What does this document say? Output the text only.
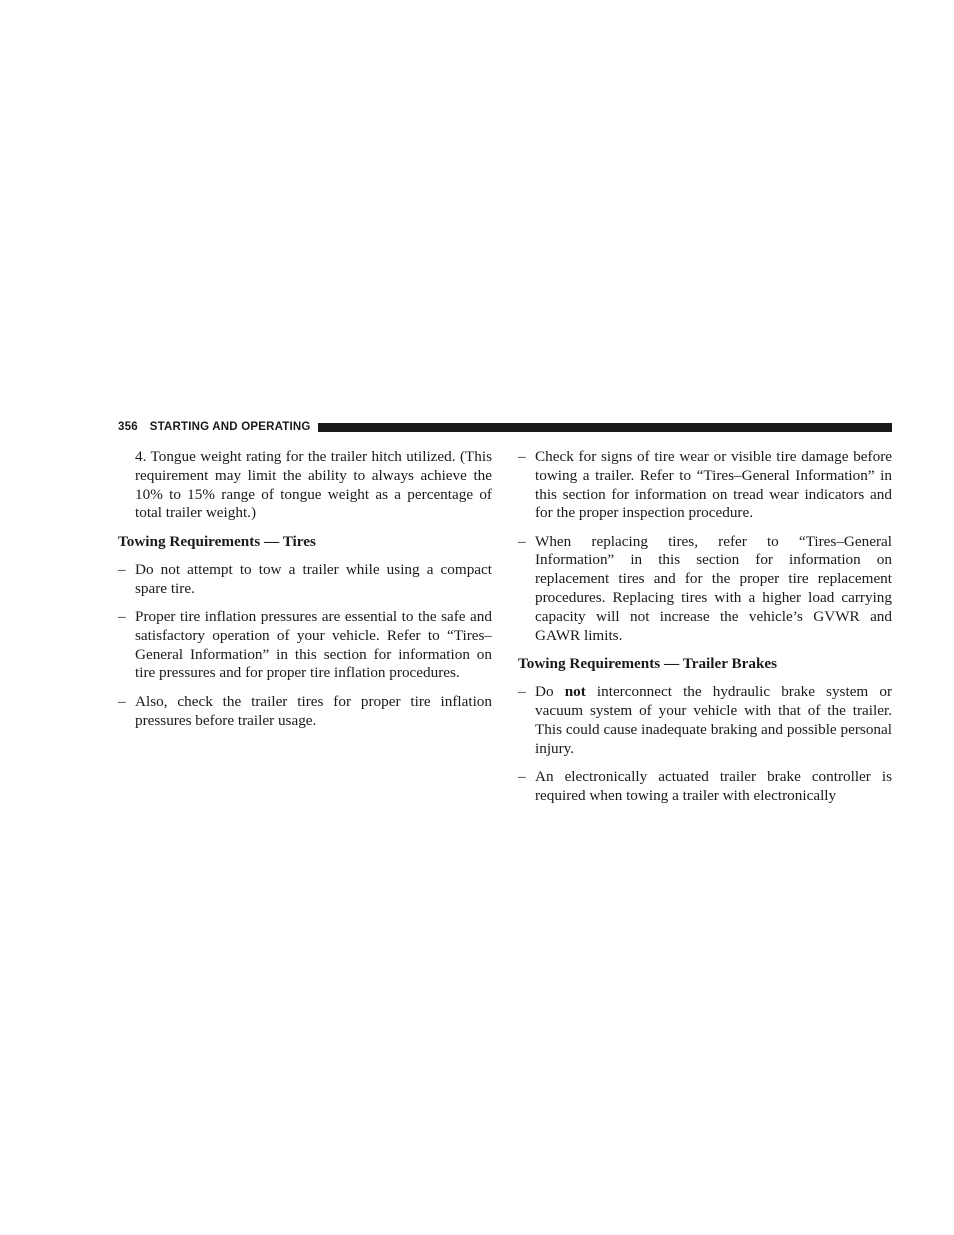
356 STARTING AND OPERATING

4. Tongue weight rating for the trailer hitch utilized. (This requirement may limit the ability to always achieve the 10% to 15% range of tongue weight as a percentage of total trailer weight.)

Towing Requirements — Tires
– Do not attempt to tow a trailer while using a compact spare tire.
– Proper tire inflation pressures are essential to the safe and satisfactory operation of your vehicle. Refer to “Tires–General Information” in this section for information on tire pressures and for proper tire inflation procedures.
– Also, check the trailer tires for proper tire inflation pressures before trailer usage.
– Check for signs of tire wear or visible tire damage before towing a trailer. Refer to “Tires–General Information” in this section for information on tread wear indicators and for the proper inspection procedure.
– When replacing tires, refer to “Tires–General Information” in this section for information on replacement tires and for the proper tire replacement procedures. Replacing tires with a higher load carrying capacity will not increase the vehicle’s GVWR and GAWR limits.
Towing Requirements — Trailer Brakes
– Do not interconnect the hydraulic brake system or vacuum system of your vehicle with that of the trailer. This could cause inadequate braking and possible personal injury.
– An electronically actuated trailer brake controller is required when towing a trailer with electronically
